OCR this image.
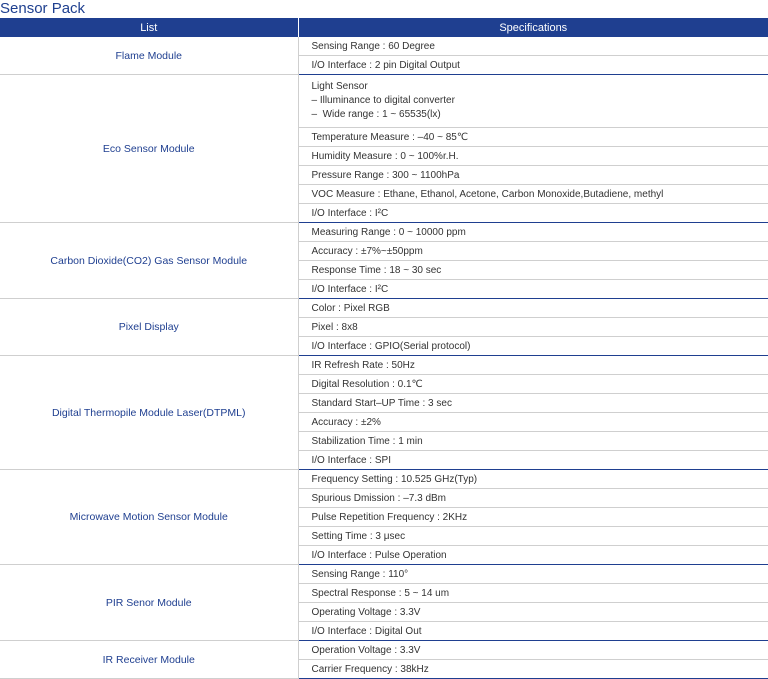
Sensor Pack
List	Specifications
Flame Module	Sensing Range : 60 Degree
	I/O Interface : 2 pin Digital Output
Eco Sensor Module	Light Sensor
– Illuminance to digital converter
–  Wide range : 1 ~ 65535(lx)

	Temperature Measure : –40 ~ 85℃
	Humidity Measure : 0 ~ 100%r.H.
	Pressure Range : 300 ~ 1100hPa
	VOC Measure : Ethane, Ethanol, Acetone, Carbon Monoxide,Butadiene, methyl
	I/O Interface : I²C
Carbon Dioxide(CO2) Gas Sensor Module	Measuring Range : 0 ~ 10000 ppm
	Accuracy : ±7%~±50ppm
	Response Time : 18 ~ 30 sec
	I/O Interface : I²C
Pixel Display	Color : Pixel RGB
	Pixel : 8x8
	I/O Interface : GPIO(Serial protocol)
Digital Thermopile Module Laser(DTPML)	IR Refresh Rate : 50Hz
	Digital Resolution : 0.1℃
	Standard Start–UP Time : 3 sec
	Accuracy : ±2%
	Stabilization Time : 1 min
	I/O Interface : SPI
Microwave Motion Sensor Module	Frequency Setting : 10.525 GHz(Typ)
	Spurious Dmission : –7.3 dBm
	Pulse Repetition Frequency : 2KHz
	Setting Time : 3 μsec
	I/O Interface : Pulse Operation
PIR Senor Module	Sensing Range : 110°
	Spectral Response : 5 ~ 14 um
	Operating Voltage : 3.3V
	I/O Interface : Digital Out
IR Receiver Module	Operation Voltage : 3.3V
	Carrier Frequency : 38kHz
